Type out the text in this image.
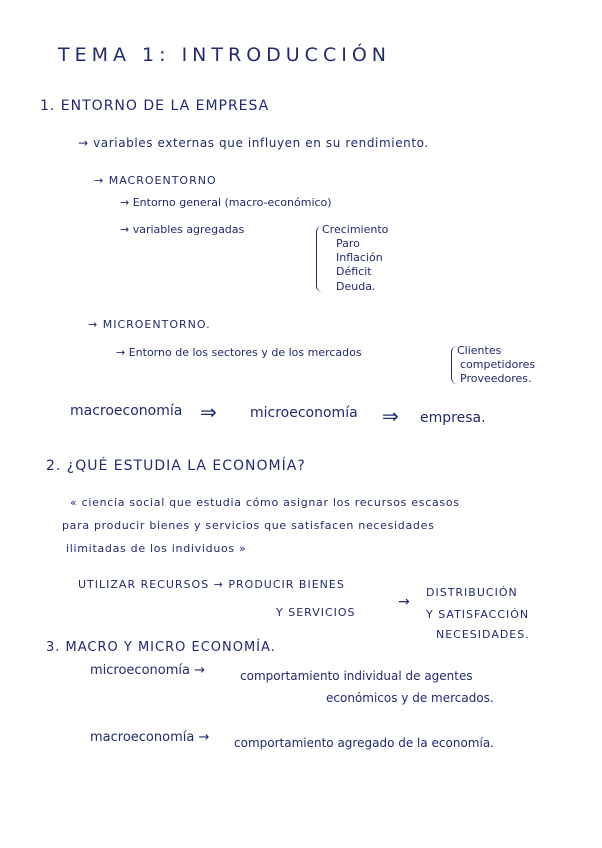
TEMA 1: INTRODUCCIÓN
1. ENTORNO DE LA EMPRESA
→ variables externas que influyen en su rendimiento.
→ MACROENTORNO
→ Entorno general (macro-económico)
→ variables agregadas	Crecimiento
Paro
Inflación
Déficit
Deuda.
→ MICROENTORNO.
→ Entorno de los sectores y de los mercados	Clientes
competidores
Proveedores.
macroeconomía ⇒ microeconomía ⇒ empresa.
2. ¿QUÉ ESTUDIA LA ECONOMÍA?
« ciencia social que estudia cómo asignar los recursos escasos
para producir bienes y servicios que satisfacen necesidades
ilimitadas de los individuos »
UTILIZAR RECURSOS → PRODUCIR BIENES
Y SERVICIOS
→
DISTRIBUCIÓN
Y SATISFACCIÓN
NECESIDADES.
3. MACRO Y MICRO ECONOMÍA.
microeconomía →	comportamiento individual de agentes
económicos y de mercados.
macroeconomía → comportamiento agregado de la economía.
